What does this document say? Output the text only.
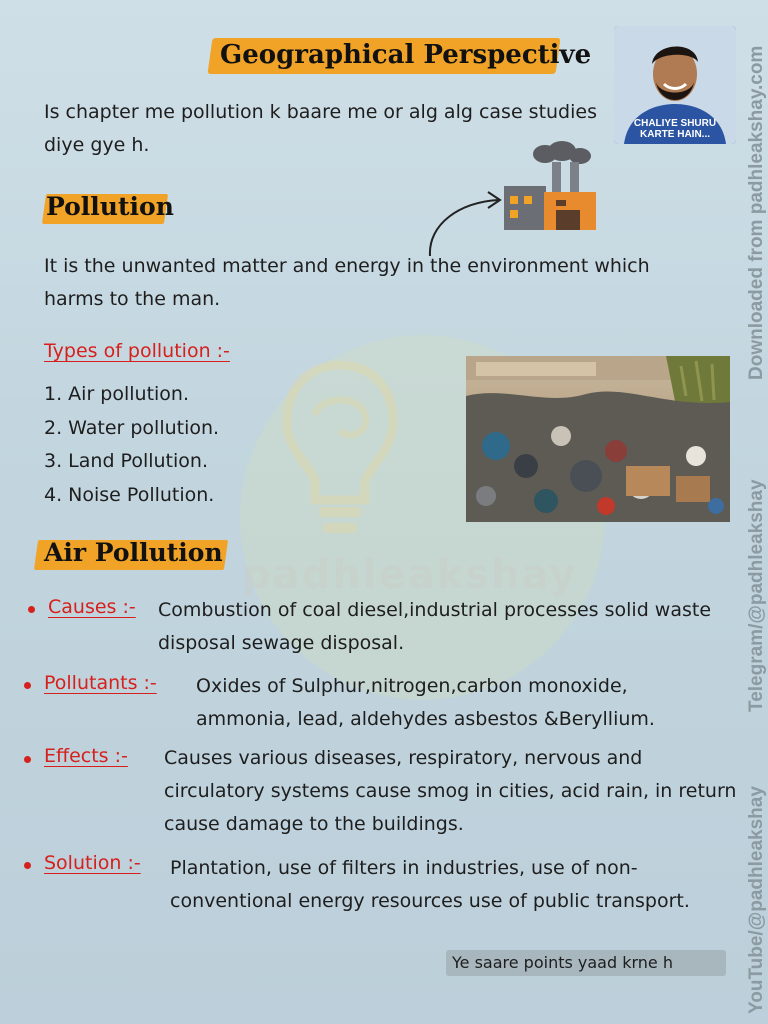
padhleakshay
Geographical Perspective
CHALIYE SHURU
KARTE HAIN...
Is chapter me pollution k baare me or alg alg case studies diye gye h.
Pollution
It is the unwanted matter and energy in the environment which harms to the man.
Types of pollution :-
1. Air pollution.
2. Water pollution.
3. Land Pollution.
4. Noise Pollution.
Air Pollution
Causes :- Combustion of coal diesel,industrial processes solid waste disposal sewage disposal.
Pollutants :- Oxides of Sulphur,nitrogen,carbon monoxide, ammonia, lead, aldehydes asbestos &Beryllium.
Effects :- Causes various diseases, respiratory, nervous and circulatory systems cause smog in cities, acid rain, in return cause damage to the buildings.
Solution :- Plantation, use of filters in industries, use of non-conventional energy resources use of public transport.
Ye saare points yaad krne h
Downloaded from padhleakshay.com
Telegram/@padhleakshay
YouTube/@padhleakshay
